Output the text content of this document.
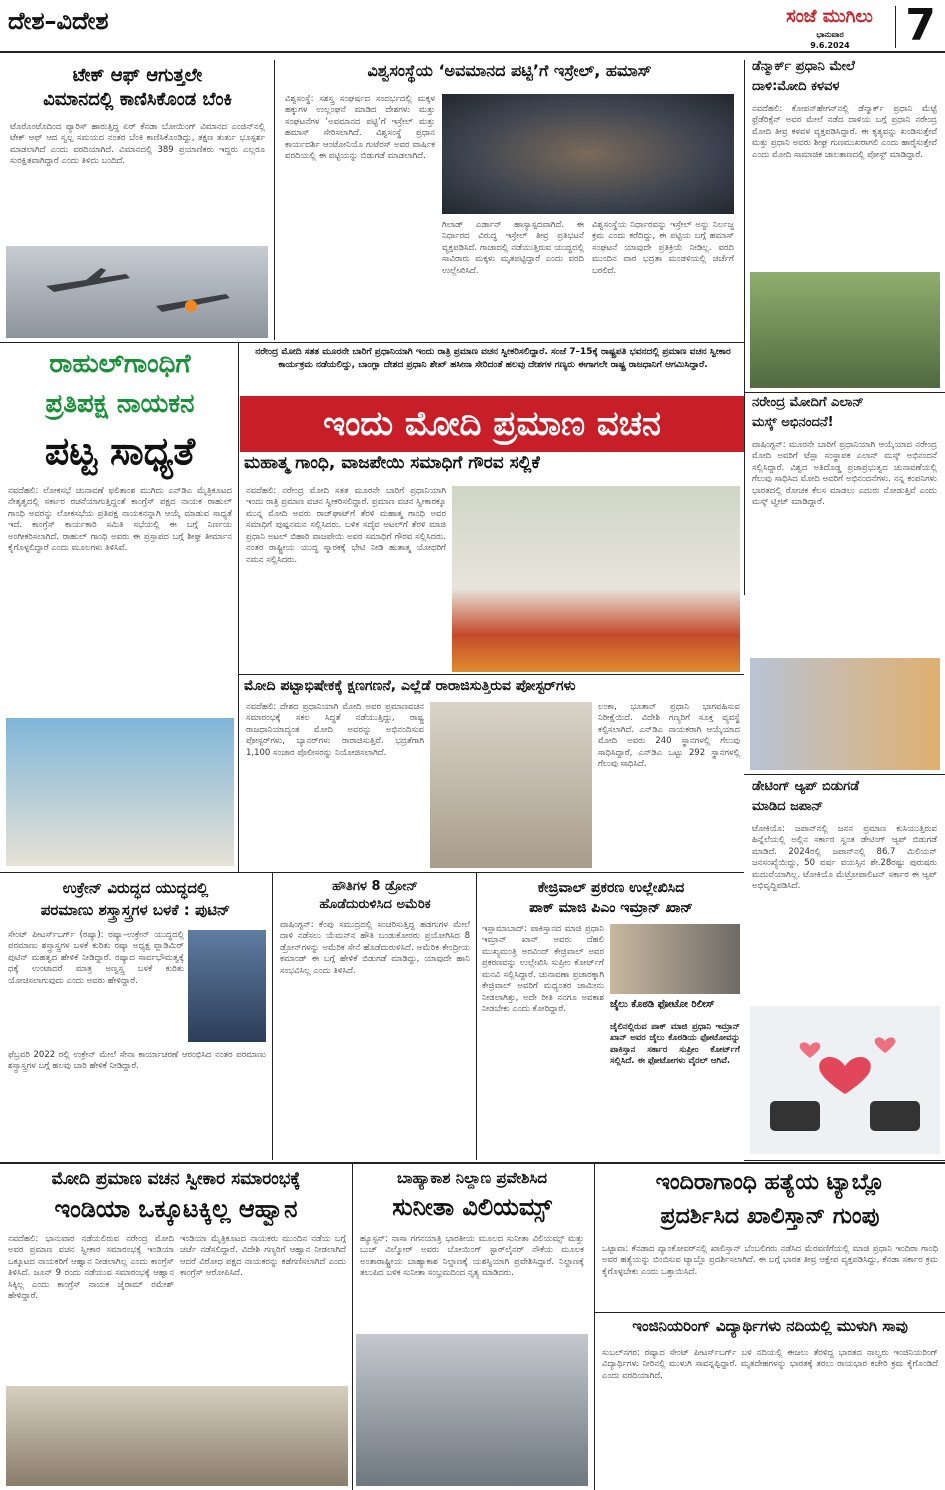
ದೇಶ–ವಿದೇಶ	ಸಂಜೆ ಮುಗಿಲು
ಭಾನುವಾರ
9.6.2024	7
ಟೇಕ್ ಆಫ್ ಆಗುತ್ತಲೇ
ವಿಮಾನದಲ್ಲಿ ಕಾಣಿಸಿಕೊಂಡ ಬೆಂಕಿ
ಟೊರೊಂಟೊದಿಂದ ಪ್ಯಾರಿಸ್ ಹಾರುತ್ತಿದ್ದ ಏರ್ ಕೆನಡಾ ಬೋಯಿಂಗ್ ವಿಮಾನದ ಎಂಜಿನ್‌ನಲ್ಲಿ ಟೇಕ್ ಆಫ್ ಆದ ಸ್ವಲ್ಪ ಸಮಯದ ನಂತರ ಬೆಂಕಿ ಕಾಣಿಸಿಕೊಂಡಿದ್ದು, ತಕ್ಷಣ ತುರ್ತು ಭೂಸ್ಪರ್ಶ ಮಾಡಲಾಗಿದೆ ಎಂದು ವರದಿಯಾಗಿದೆ. ವಿಮಾನದಲ್ಲಿ 389 ಪ್ರಯಾಣಿಕರು ಇದ್ದರು ಎಲ್ಲರೂ ಸುರಕ್ಷಿತವಾಗಿದ್ದಾರೆ ಎಂದು ತಿಳಿದು ಬಂದಿದೆ.
ವಿಶ್ವಸಂಸ್ಥೆಯ ‘ಅವಮಾನದ ಪಟ್ಟಿ’ಗೆ ಇಸ್ರೇಲ್, ಹಮಾಸ್
ವಿಶ್ವಸಂಸ್ಥೆ: ಸಶಸ್ತ್ರ ಸಂಘರ್ಷದ ಸಂದರ್ಭದಲ್ಲಿ ಮಕ್ಕಳ ಹಕ್ಕುಗಳ ಉಲ್ಲಂಘನೆ ಮಾಡಿದ ದೇಶಗಳು ಮತ್ತು ಸಂಘಟನೆಗಳ ‘ಅವಮಾನದ ಪಟ್ಟಿ’ಗೆ ಇಸ್ರೇಲ್ ಮತ್ತು ಹಮಾಸ್ ಸೇರಿಸಲಾಗಿದೆ. ವಿಶ್ವಸಂಸ್ಥೆ ಪ್ರಧಾನ ಕಾರ್ಯದರ್ಶಿ ಆಂಟೋನಿಯೊ ಗುಟೆರಸ್ ಅವರ ವಾರ್ಷಿಕ ವರದಿಯಲ್ಲಿ ಈ ಪಟ್ಟಿಯನ್ನು ಬಿಡುಗಡೆ ಮಾಡಲಾಗಿದೆ.
ಗಿಲಾಡ್ ಎರ್ಡಾನ್ ಹಾಸ್ಯಾಸ್ಪದವಾಗಿದೆ. ಈ ನಿರ್ಧಾರದ ವಿರುದ್ಧ ಇಸ್ರೇಲ್ ತೀವ್ರ ಪ್ರತಿಭಟನೆ ವ್ಯಕ್ತಪಡಿಸಿದೆ. ಗಾಜಾದಲ್ಲಿ ನಡೆಯುತ್ತಿರುವ ಯುದ್ಧದಲ್ಲಿ ಸಾವಿರಾರು ಮಕ್ಕಳು ಮೃತಪಟ್ಟಿದ್ದಾರೆ ಎಂದು ವರದಿ ಉಲ್ಲೇಖಿಸಿದೆ.
ವಿಶ್ವಸಂಸ್ಥೆಯ ನಿರ್ಧಾರವನ್ನು ಇಸ್ರೇಲ್ ಅನ್ನು ನಿರ್ಲಜ್ಜ ಕ್ರಮ ಎಂದು ಕರೆದಿದ್ದು, ಈ ಪಟ್ಟಿಯ ಬಗ್ಗೆ ಹಮಾಸ್ ಸಂಘಟನೆ ಯಾವುದೇ ಪ್ರತಿಕ್ರಿಯೆ ನೀಡಿಲ್ಲ. ವರದಿ ಮುಂದಿನ ವಾರ ಭದ್ರತಾ ಮಂಡಳಿಯಲ್ಲಿ ಚರ್ಚೆಗೆ ಬರಲಿದೆ.
ಡೆನ್ಮಾರ್ಕ್ ಪ್ರಧಾನಿ ಮೇಲೆ
ದಾಳಿ:ಮೋದಿ ಕಳವಳ
ನವದೆಹಲಿ: ಕೋಪನ್‌ಹೇಗನ್‌ನಲ್ಲಿ ಡೆನ್ಮಾರ್ಕ್ ಪ್ರಧಾನಿ ಮೆಟ್ಟೆ ಫ್ರೆಡೆರಿಕ್ಸೆನ್ ಅವರ ಮೇಲೆ ನಡೆದ ದಾಳಿಯ ಬಗ್ಗೆ ಪ್ರಧಾನಿ ನರೇಂದ್ರ ಮೋದಿ ತೀವ್ರ ಕಳವಳ ವ್ಯಕ್ತಪಡಿಸಿದ್ದಾರೆ. ಈ ಕೃತ್ಯವನ್ನು ಖಂಡಿಸುತ್ತೇವೆ ಮತ್ತು ಪ್ರಧಾನಿ ಅವರು ಶೀಘ್ರ ಗುಣಮುಖರಾಗಲಿ ಎಂದು ಹಾರೈಸುತ್ತೇವೆ ಎಂದು ಮೋದಿ ಸಾಮಾಜಿಕ ಜಾಲತಾಣದಲ್ಲಿ ಪೋಸ್ಟ್ ಮಾಡಿದ್ದಾರೆ.
ರಾಹುಲ್‌ಗಾಂಧಿಗೆ
ಪ್ರತಿಪಕ್ಷ ನಾಯಕನ
ಪಟ್ಟ ಸಾಧ್ಯತೆ
ನವದೆಹಲಿ: ಲೋಕಸಭೆ ಚುನಾವಣೆ ಫಲಿತಾಂಶ ಮುಗಿದು ಎನ್‌ಡಿಎ ಮೈತ್ರಿಕೂಟದ ನೇತೃತ್ವದಲ್ಲಿ ಸರ್ಕಾರ ರಚನೆಯಾಗುತ್ತಿದ್ದಂತೆ ಕಾಂಗ್ರೆಸ್ ಪಕ್ಷದ ನಾಯಕ ರಾಹುಲ್ ಗಾಂಧಿ ಅವರನ್ನು ಲೋಕಸಭೆಯ ಪ್ರತಿಪಕ್ಷ ನಾಯಕನನ್ನಾಗಿ ಆಯ್ಕೆ ಮಾಡುವ ಸಾಧ್ಯತೆ ಇದೆ. ಕಾಂಗ್ರೆಸ್ ಕಾರ್ಯಕಾರಿ ಸಮಿತಿ ಸಭೆಯಲ್ಲಿ ಈ ಬಗ್ಗೆ ನಿರ್ಣಯ ಅಂಗೀಕರಿಸಲಾಗಿದೆ. ರಾಹುಲ್ ಗಾಂಧಿ ಅವರು ಈ ಪ್ರಸ್ತಾಪದ ಬಗ್ಗೆ ಶೀಘ್ರ ತೀರ್ಮಾನ ಕೈಗೊಳ್ಳಲಿದ್ದಾರೆ ಎಂದು ಮೂಲಗಳು ತಿಳಿಸಿವೆ.
ನರೇಂದ್ರ ಮೋದಿ ಸತತ ಮೂರನೇ ಬಾರಿಗೆ ಪ್ರಧಾನಿಯಾಗಿ ಇಂದು ರಾತ್ರಿ ಪ್ರಮಾಣ ವಚನ ಸ್ವೀಕರಿಸಲಿದ್ದಾರೆ. ಸಂಜೆ 7–15ಕ್ಕೆ ರಾಷ್ಟ್ರಪತಿ ಭವನದಲ್ಲಿ ಪ್ರಮಾಣ ವಚನ ಸ್ವೀಕಾರ ಕಾರ್ಯಕ್ರಮ ನಡೆಯಲಿದ್ದು, ಬಾಂಗ್ಲಾ ದೇಶದ ಪ್ರಧಾನಿ ಶೇಖ್ ಹಸೀನಾ ಸೇರಿದಂತೆ ಹಲವು ದೇಶಗಳ ಗಣ್ಯರು ಈಗಾಗಲೇ ರಾಷ್ಟ್ರ ರಾಜಧಾನಿಗೆ ಆಗಮಿಸಿದ್ದಾರೆ.
ಇಂದು ಮೋದಿ ಪ್ರಮಾಣ ವಚನ
ಮಹಾತ್ಮ ಗಾಂಧಿ, ವಾಜಪೇಯಿ ಸಮಾಧಿಗೆ ಗೌರವ ಸಲ್ಲಿಕೆ
ನವದೆಹಲಿ: ನರೇಂದ್ರ ಮೋದಿ ಸತತ ಮೂರನೇ ಬಾರಿಗೆ ಪ್ರಧಾನಿಯಾಗಿ ಇಂದು ರಾತ್ರಿ ಪ್ರಮಾಣ ವಚನ ಸ್ವೀಕರಿಸಲಿದ್ದಾರೆ. ಪ್ರಮಾಣ ವಚನ ಸ್ವೀಕಾರಕ್ಕೂ ಮುನ್ನ ಮೋದಿ ಅವರು ರಾಜ್‌ಘಾಟ್‌ಗೆ ತೆರಳಿ ಮಹಾತ್ಮ ಗಾಂಧಿ ಅವರ ಸಮಾಧಿಗೆ ಪುಷ್ಪನಮನ ಸಲ್ಲಿಸಿದರು. ಬಳಿಕ ಸದೈವ ಅಟಲ್‌ಗೆ ತೆರಳಿ ಮಾಜಿ ಪ್ರಧಾನಿ ಅಟಲ್ ಬಿಹಾರಿ ವಾಜಪೇಯಿ ಅವರ ಸಮಾಧಿಗೆ ಗೌರವ ಸಲ್ಲಿಸಿದರು. ನಂತರ ರಾಷ್ಟ್ರೀಯ ಯುದ್ಧ ಸ್ಮಾರಕಕ್ಕೆ ಭೇಟಿ ನೀಡಿ ಹುತಾತ್ಮ ಯೋಧರಿಗೆ ನಮನ ಸಲ್ಲಿಸಿದರು.
ಮೋದಿ ಪಟ್ಟಾಭಿಷೇಕಕ್ಕೆ ಕ್ಷಣಗಣನೆ, ಎಲ್ಲೆಡೆ ರಾರಾಜಿಸುತ್ತಿರುವ ಪೋಸ್ಟರ್‌ಗಳು
ನವದೆಹಲಿ: ದೇಶದ ಪ್ರಧಾನಿಯಾಗಿ ಮೋದಿ ಅವರ ಪ್ರಮಾಣವಚನ ಸಮಾರಂಭಕ್ಕೆ ಸಕಲ ಸಿದ್ಧತೆ ನಡೆಯುತ್ತಿದ್ದು, ರಾಷ್ಟ್ರ ರಾಜಧಾನಿಯಾದ್ಯಂತ ಮೋದಿ ಅವರನ್ನು ಅಭಿನಂದಿಸುವ ಪೋಸ್ಟರ್‌ಗಳು, ಬ್ಯಾನರ್‌ಗಳು ರಾರಾಜಿಸುತ್ತಿವೆ. ಭದ್ರತೆಗಾಗಿ 1,100 ಸಂಚಾರ ಪೊಲೀಸರನ್ನು ನಿಯೋಜಿಸಲಾಗಿದೆ.
ಲಂಕಾ, ಭೂತಾನ್ ಪ್ರಧಾನಿ ಭಾಗವಹಿಸುವ ನಿರೀಕ್ಷೆಯಿದೆ. ವಿದೇಶಿ ಗಣ್ಯರಿಗೆ ಸೂಕ್ತ ವ್ಯವಸ್ಥೆ ಕಲ್ಪಿಸಲಾಗಿದೆ. ಎನ್‌ಡಿಎ ನಾಯಕರಾಗಿ ಆಯ್ಕೆಯಾದ ಮೋದಿ ಅವರು 240 ಸ್ಥಾನಗಳಲ್ಲಿ ಗೆಲುವು ಸಾಧಿಸಿದ್ದಾರೆ, ಎನ್‌ಡಿಎ ಒಟ್ಟು 292 ಸ್ಥಾನಗಳಲ್ಲಿ ಗೆಲುವು ಸಾಧಿಸಿದೆ.
ನರೇಂದ್ರ ಮೋದಿಗೆ ಎಲಾನ್
ಮಸ್ಕ್ ಅಭಿನಂದನೆ!
ವಾಷಿಂಗ್ಟನ್: ಮೂರನೇ ಬಾರಿಗೆ ಪ್ರಧಾನಿಯಾಗಿ ಆಯ್ಕೆಯಾದ ನರೇಂದ್ರ ಮೋದಿ ಅವರಿಗೆ ಟೆಸ್ಲಾ ಸಂಸ್ಥಾಪಕ ಎಲಾನ್ ಮಸ್ಕ್ ಅಭಿನಂದನೆ ಸಲ್ಲಿಸಿದ್ದಾರೆ. ವಿಶ್ವದ ಅತಿದೊಡ್ಡ ಪ್ರಜಾಪ್ರಭುತ್ವದ ಚುನಾವಣೆಯಲ್ಲಿ ಗೆಲುವು ಸಾಧಿಸಿದ ಮೋದಿ ಅವರಿಗೆ ಅಭಿನಂದನೆಗಳು. ನನ್ನ ಕಂಪನಿಗಳು ಭಾರತದಲ್ಲಿ ರೋಚಕ ಕೆಲಸ ಮಾಡಲು ಎದುರು ನೋಡುತ್ತಿವೆ ಎಂದು ಮಸ್ಕ್ ಟ್ವೀಟ್ ಮಾಡಿದ್ದಾರೆ.
ಡೇಟಿಂಗ್ ಆ್ಯಪ್ ಬಿಡುಗಡೆ
ಮಾಡಿದ ಜಪಾನ್
ಟೋಕಿಯೊ: ಜಪಾನ್‌ನಲ್ಲಿ ಜನನ ಪ್ರಮಾಣ ಕುಸಿಯುತ್ತಿರುವ ಹಿನ್ನೆಲೆಯಲ್ಲಿ ಅಲ್ಲಿನ ಸರ್ಕಾರ ಸ್ವಂತ ಡೇಟಿಂಗ್ ಆ್ಯಪ್ ಬಿಡುಗಡೆ ಮಾಡಿದೆ. 2024ರಲ್ಲಿ ಜಪಾನ್‌ನಲ್ಲಿ 86.7 ಮಿಲಿಯನ್ ಜನಸಂಖ್ಯೆಯಿದ್ದು, 50 ವರ್ಷ ವಯಸ್ಸಿನ ಶೇ.28ರಷ್ಟು ಪುರುಷರು ಮದುವೆಯಾಗಿಲ್ಲ. ಟೋಕಿಯೊ ಮೆಟ್ರೋಪಾಲಿಟನ್ ಸರ್ಕಾರ ಈ ಆ್ಯಪ್ ಅಭಿವೃದ್ಧಿಪಡಿಸಿದೆ.
ಉಕ್ರೇನ್ ವಿರುದ್ಧದ ಯುದ್ಧದಲ್ಲಿ
ಪರಮಾಣು ಶಸ್ತ್ರಾಸ್ತ್ರಗಳ ಬಳಕೆ : ಪುಟಿನ್
ಸೇಂಟ್ ಪೀಟರ್ಸ್‌ಬರ್ಗ್ (ರಷ್ಯಾ): ರಷ್ಯಾ–ಉಕ್ರೇನ್ ಯುದ್ಧದಲ್ಲಿ ಪರಮಾಣು ಶಸ್ತ್ರಾಸ್ತ್ರಗಳ ಬಳಕೆ ಕುರಿತು ರಷ್ಯಾ ಅಧ್ಯಕ್ಷ ವ್ಲಾಡಿಮಿರ್ ಪುಟಿನ್ ಮಹತ್ವದ ಹೇಳಿಕೆ ನೀಡಿದ್ದಾರೆ. ರಷ್ಯಾದ ಸಾರ್ವಭೌಮತ್ವಕ್ಕೆ ಧಕ್ಕೆ ಉಂಟಾದರೆ ಮಾತ್ರ ಅಣ್ವಸ್ತ್ರ ಬಳಕೆ ಕುರಿತು ಯೋಚಿಸಲಾಗುವುದು ಎಂದು ಅವರು ಹೇಳಿದ್ದಾರೆ.
ಫೆಬ್ರವರಿ 2022 ರಲ್ಲಿ ಉಕ್ರೇನ್ ಮೇಲೆ ಸೇನಾ ಕಾರ್ಯಾಚರಣೆ ಆರಂಭಿಸಿದ ನಂತರ ಪರಮಾಣು ಶಸ್ತ್ರಾಸ್ತ್ರಗಳ ಬಗ್ಗೆ ಹಲವು ಬಾರಿ ಹೇಳಿಕೆ ನೀಡಿದ್ದಾರೆ.
ಹೌತಿಗಳ 8 ಡ್ರೋನ್
ಹೊಡೆದುರುಳಿಸಿದ ಅಮೆರಿಕ
ವಾಷಿಂಗ್ಟನ್: ಕೆಂಪು ಸಮುದ್ರದಲ್ಲಿ ಸಂಚರಿಸುತ್ತಿದ್ದ ಹಡಗುಗಳ ಮೇಲೆ ದಾಳಿ ನಡೆಸಲು ಯೆಮನ್‌ನ ಹೌತಿ ಬಂಡುಕೋರರು ಪ್ರಯೋಗಿಸಿದ 8 ಡ್ರೋನ್‌ಗಳನ್ನು ಅಮೆರಿಕ ಸೇನೆ ಹೊಡೆದುರುಳಿಸಿದೆ. ಅಮೆರಿಕ ಕೇಂದ್ರೀಯ ಕಮಾಂಡ್ ಈ ಬಗ್ಗೆ ಹೇಳಿಕೆ ಬಿಡುಗಡೆ ಮಾಡಿದ್ದು, ಯಾವುದೇ ಹಾನಿ ಸಂಭವಿಸಿಲ್ಲ ಎಂದು ತಿಳಿಸಿದೆ.
ಕೇಜ್ರಿವಾಲ್ ಪ್ರಕರಣ ಉಲ್ಲೇಖಿಸಿದ
ಪಾಕ್ ಮಾಜಿ ಪಿಎಂ ಇಮ್ರಾನ್ ಖಾನ್
ಇಸ್ಲಾಮಾಬಾದ್: ಪಾಕಿಸ್ತಾನದ ಮಾಜಿ ಪ್ರಧಾನಿ ಇಮ್ರಾನ್ ಖಾನ್ ಅವರು ದೆಹಲಿ ಮುಖ್ಯಮಂತ್ರಿ ಅರವಿಂದ್ ಕೇಜ್ರಿವಾಲ್ ಅವರ ಪ್ರಕರಣವನ್ನು ಉಲ್ಲೇಖಿಸಿ ಸುಪ್ರೀಂ ಕೋರ್ಟ್‌ಗೆ ಮನವಿ ಸಲ್ಲಿಸಿದ್ದಾರೆ. ಚುನಾವಣಾ ಪ್ರಚಾರಕ್ಕಾಗಿ ಕೇಜ್ರಿವಾಲ್ ಅವರಿಗೆ ಮಧ್ಯಂತರ ಜಾಮೀನು ನೀಡಲಾಗಿತ್ತು, ಅದೇ ರೀತಿ ನನಗೂ ಅವಕಾಶ ನೀಡಬೇಕು ಎಂದು ಕೋರಿದ್ದಾರೆ.	ಜೈಲು ಕೊಠಡಿ ಫೋಟೋ ರಿಲೀಸ್
ಜೈಲಿನಲ್ಲಿರುವ ಪಾಕ್ ಮಾಜಿ ಪ್ರಧಾನಿ ಇಮ್ರಾನ್ ಖಾನ್ ಅವರ ಜೈಲು ಕೊಠಡಿಯ ಫೋಟೋವನ್ನು ಪಾಕಿಸ್ತಾನ ಸರ್ಕಾರ ಸುಪ್ರೀಂ ಕೋರ್ಟ್‌ಗೆ ಸಲ್ಲಿಸಿದೆ. ಈ ಫೋಟೋಗಳು ವೈರಲ್ ಆಗಿವೆ.
ಮೋದಿ ಪ್ರಮಾಣ ವಚನ ಸ್ವೀಕಾರ ಸಮಾರಂಭಕ್ಕೆ
ಇಂಡಿಯಾ ಒಕ್ಕೂಟಕ್ಕಿಲ್ಲ ಆಹ್ವಾನ
ನವದೆಹಲಿ: ಭಾನುವಾರ ನಡೆಯಲಿರುವ ನರೇಂದ್ರ ಮೋದಿ ಅವರ ಪ್ರಮಾಣ ವಚನ ಸ್ವೀಕಾರ ಸಮಾರಂಭಕ್ಕೆ ಇಂಡಿಯಾ ಒಕ್ಕೂಟದ ನಾಯಕರಿಗೆ ಆಹ್ವಾನ ನೀಡಲಾಗಿಲ್ಲ ಎಂದು ಕಾಂಗ್ರೆಸ್ ತಿಳಿಸಿದೆ. ಜೂನ್ 9 ರಂದು ನಡೆಯುವ ಸಮಾರಂಭಕ್ಕೆ ಆಹ್ವಾನ ಸಿಕ್ಕಿಲ್ಲ ಎಂದು ಕಾಂಗ್ರೆಸ್ ನಾಯಕ ಜೈರಾಮ್ ರಮೇಶ್ ಹೇಳಿದ್ದಾರೆ.
ಇಂಡಿಯಾ ಮೈತ್ರಿಕೂಟದ ನಾಯಕರು ಮುಂದಿನ ನಡೆಯ ಬಗ್ಗೆ ಚರ್ಚೆ ನಡೆಸಲಿದ್ದಾರೆ. ವಿದೇಶಿ ಗಣ್ಯರಿಗೆ ಆಹ್ವಾನ ನೀಡಲಾಗಿದೆ ಆದರೆ ವಿರೋಧ ಪಕ್ಷದ ನಾಯಕರನ್ನು ಕಡೆಗಣಿಸಲಾಗಿದೆ ಎಂದು ಕಾಂಗ್ರೆಸ್ ಆರೋಪಿಸಿದೆ.
ಬಾಹ್ಯಾಕಾಶ ನಿಲ್ದಾಣ ಪ್ರವೇಶಿಸಿದ
ಸುನೀತಾ ವಿಲಿಯಮ್ಸ್
ಹ್ಯೂಸ್ಟನ್: ನಾಸಾ ಗಗನಯಾತ್ರಿ ಭಾರತೀಯ ಮೂಲದ ಸುನೀತಾ ವಿಲಿಯಮ್ಸ್ ಮತ್ತು ಬುಚ್ ವಿಲ್ಮೋರ್ ಅವರು ಬೋಯಿಂಗ್ ಸ್ಟಾರ್‌ಲೈನರ್ ನೌಕೆಯ ಮೂಲಕ ಅಂತಾರಾಷ್ಟ್ರೀಯ ಬಾಹ್ಯಾಕಾಶ ನಿಲ್ದಾಣಕ್ಕೆ ಯಶಸ್ವಿಯಾಗಿ ಪ್ರವೇಶಿಸಿದ್ದಾರೆ. ನಿಲ್ದಾಣಕ್ಕೆ ತಲುಪಿದ ಬಳಿಕ ಸುನೀತಾ ಸಂಭ್ರಮದಿಂದ ನೃತ್ಯ ಮಾಡಿದರು.
ಇಂದಿರಾಗಾಂಧಿ ಹತ್ಯೆಯ ಟ್ಯಾಬ್ಲೊ
ಪ್ರದರ್ಶಿಸಿದ ಖಾಲಿಸ್ತಾನ್ ಗುಂಪು
ಒಟ್ಟಾವಾ: ಕೆನಡಾದ ವ್ಯಾಂಕೋವರ್‌ನಲ್ಲಿ ಖಾಲಿಸ್ತಾನ್ ಬೆಂಬಲಿಗರು ನಡೆಸಿದ ಮೆರವಣಿಗೆಯಲ್ಲಿ ಮಾಜಿ ಪ್ರಧಾನಿ ಇಂದಿರಾ ಗಾಂಧಿ ಅವರ ಹತ್ಯೆಯನ್ನು ಬಿಂಬಿಸುವ ಟ್ಯಾಬ್ಲೊ ಪ್ರದರ್ಶಿಸಲಾಗಿದೆ. ಈ ಬಗ್ಗೆ ಭಾರತ ತೀವ್ರ ಆಕ್ಷೇಪ ವ್ಯಕ್ತಪಡಿಸಿದ್ದು, ಕೆನಡಾ ಸರ್ಕಾರ ಕ್ರಮ ಕೈಗೊಳ್ಳಬೇಕು ಎಂದು ಒತ್ತಾಯಿಸಿದೆ.
ಇಂಜಿನಿಯರಿಂಗ್ ವಿದ್ಯಾರ್ಥಿಗಳು ನದಿಯಲ್ಲಿ ಮುಳುಗಿ ಸಾವು
ಸುಬಲ್‌ನಗರ: ರಷ್ಯಾದ ಸೇಂಟ್ ಪೀಟರ್ಸ್‌ಬರ್ಗ್ ಬಳಿ ನದಿಯಲ್ಲಿ ಈಜಲು ತೆರಳಿದ್ದ ಭಾರತದ ನಾಲ್ವರು ಇಂಜಿನಿಯರಿಂಗ್ ವಿದ್ಯಾರ್ಥಿಗಳು ನೀರಿನಲ್ಲಿ ಮುಳುಗಿ ಸಾವನ್ನಪ್ಪಿದ್ದಾರೆ. ಮೃತದೇಹಗಳನ್ನು ಭಾರತಕ್ಕೆ ತರಲು ರಾಯಭಾರ ಕಚೇರಿ ಕ್ರಮ ಕೈಗೊಂಡಿದೆ ಎಂದು ವರದಿಯಾಗಿದೆ.
